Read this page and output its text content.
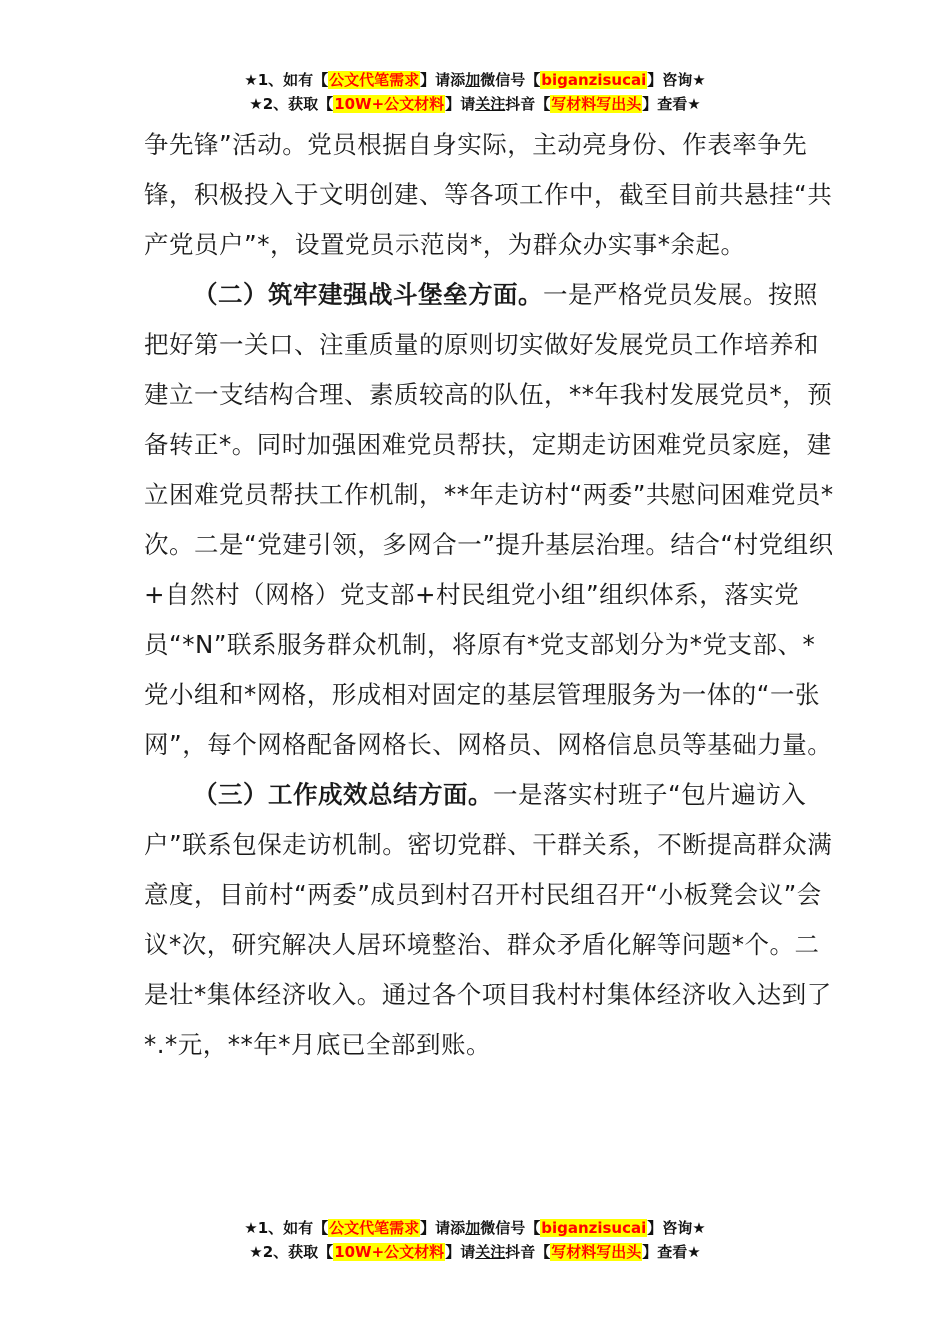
★1、如有【公文代笔需求】请添加微信号【biganzisucai】咨询★
★2、获取【10W+公文材料】请关注抖音【写材料写出头】查看★

争先锋”活动。党员根据自身实际，主动亮身份、作表率争先锋，积极投入于文明创建、等各项工作中，截至目前共悬挂“共产党员户”*，设置党员示范岗*，为群众办实事*余起。

（二）筑牢建强战斗堡垒方面。一是严格党员发展。按照把好第一关口、注重质量的原则切实做好发展党员工作培养和建立一支结构合理、素质较高的队伍，**年我村发展党员*，预备转正*。同时加强困难党员帮扶，定期走访困难党员家庭，建立困难党员帮扶工作机制，**年走访村“两委”共慰问困难党员*次。二是“党建引领，多网合一”提升基层治理。结合“村党组织+自然村（网格）党支部+村民组党小组”组织体系，落实党员“*N”联系服务群众机制，将原有*党支部划分为*党支部、*党小组和*网格，形成相对固定的基层管理服务为一体的“一张网”，每个网格配备网格长、网格员、网格信息员等基础力量。

（三）工作成效总结方面。一是落实村班子“包片遍访入户”联系包保走访机制。密切党群、干群关系，不断提高群众满意度，目前村“两委”成员到村召开村民组召开“小板凳会议”会议*次，研究解决人居环境整治、群众矛盾化解等问题*个。二是壮*集体经济收入。通过各个项目我村村集体经济收入达到了*.*元，**年*月底已全部到账。

★1、如有【公文代笔需求】请添加微信号【biganzisucai】咨询★
★2、获取【10W+公文材料】请关注抖音【写材料写出头】查看★
